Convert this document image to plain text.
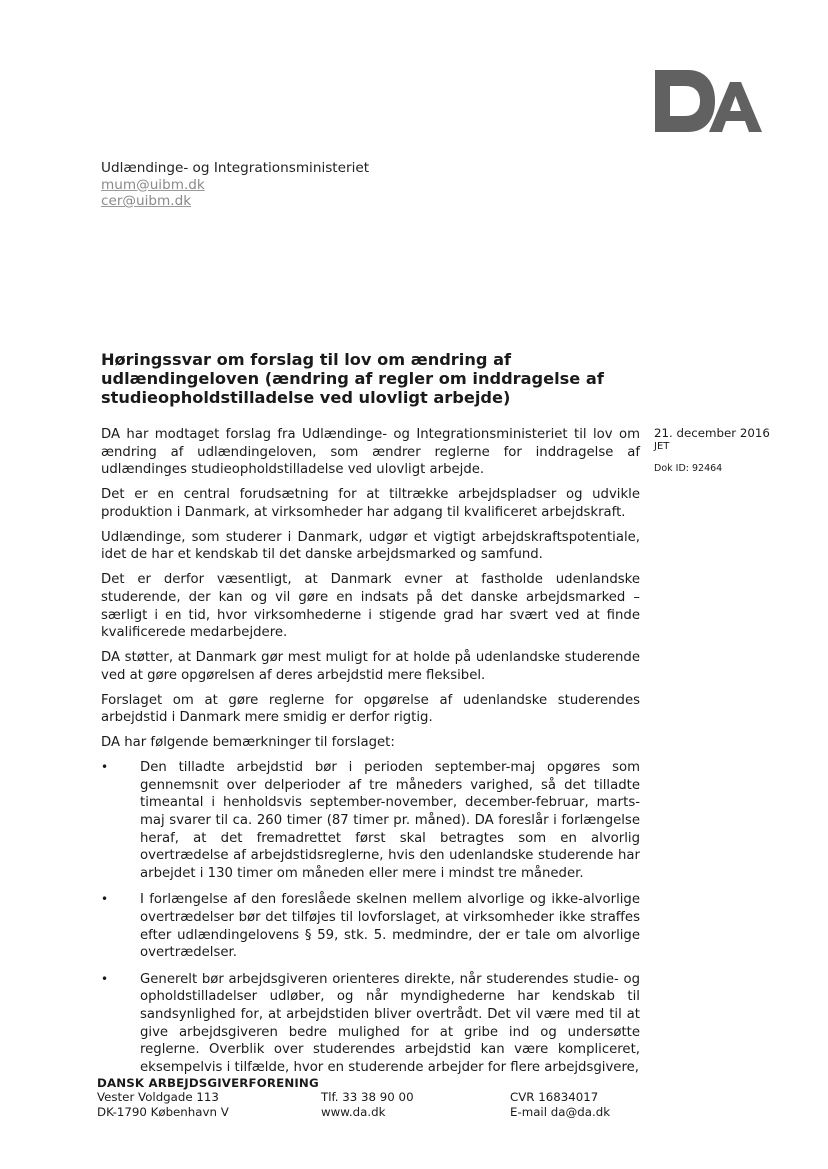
Udlændinge- og Integrationsministeriet
mum@uibm.dk
cer@uibm.dk
Høringssvar om forslag til lov om ændring af udlændingeloven (ændring af regler om inddragelse af studieopholdstilladelse ved ulovligt arbejde)
21. december 2016
JET
Dok ID: 92464

DA har modtaget forslag fra Udlændinge- og Integrationsministeriet til lov om ændring af udlændingeloven, som ændrer reglerne for inddragelse af udlændinges studieopholdstilladelse ved ulovligt arbejde.

Det er en central forudsætning for at tiltrække arbejdspladser og udvikle produktion i Danmark, at virksomheder har adgang til kvalificeret arbejdskraft.

Udlændinge, som studerer i Danmark, udgør et vigtigt arbejdskraftspotentiale, idet de har et kendskab til det danske arbejdsmarked og samfund.

Det er derfor væsentligt, at Danmark evner at fastholde udenlandske studerende, der kan og vil gøre en indsats på det danske arbejdsmarked – særligt i en tid, hvor virksomhederne i stigende grad har svært ved at finde kvalificerede medarbejdere.

DA støtter, at Danmark gør mest muligt for at holde på udenlandske studerende ved at gøre opgørelsen af deres arbejdstid mere fleksibel.

Forslaget om at gøre reglerne for opgørelse af udenlandske studerendes arbejdstid i Danmark mere smidig er derfor rigtig.

DA har følgende bemærkninger til forslaget:

• Den tilladte arbejdstid bør i perioden september-maj opgøres som gennemsnit over delperioder af tre måneders varighed, så det tilladte timeantal i henholdsvis september-november, december-februar, marts-maj svarer til ca. 260 timer (87 timer pr. måned). DA foreslår i forlængelse heraf, at det fremadrettet først skal betragtes som en alvorlig overtrædelse af arbejdstidsreglerne, hvis den udenlandske studerende har arbejdet i 130 timer om måneden eller mere i mindst tre måneder.
• I forlængelse af den foreslåede skelnen mellem alvorlige og ikke-alvorlige overtrædelser bør det tilføjes til lovforslaget, at virksomheder ikke straffes efter udlændingelovens § 59, stk. 5. medmindre, der er tale om alvorlige overtrædelser.
• Generelt bør arbejdsgiveren orienteres direkte, når studerendes studie- og opholdstilladelser udløber, og når myndighederne har kendskab til sandsynlighed for, at arbejdstiden bliver overtrådt. Det vil være med til at give arbejdsgiveren bedre mulighed for at gribe ind og undersøtte reglerne. Overblik over studerendes arbejdstid kan være kompliceret, eksempelvis i tilfælde, hvor en studerende arbejder for flere arbejdsgivere,
DANSK ARBEJDSGIVERFORENING
Vester Voldgade 113
DK-1790 København V
Tlf. 33 38 90 00
www.da.dk
CVR 16834017
E-mail da@da.dk
